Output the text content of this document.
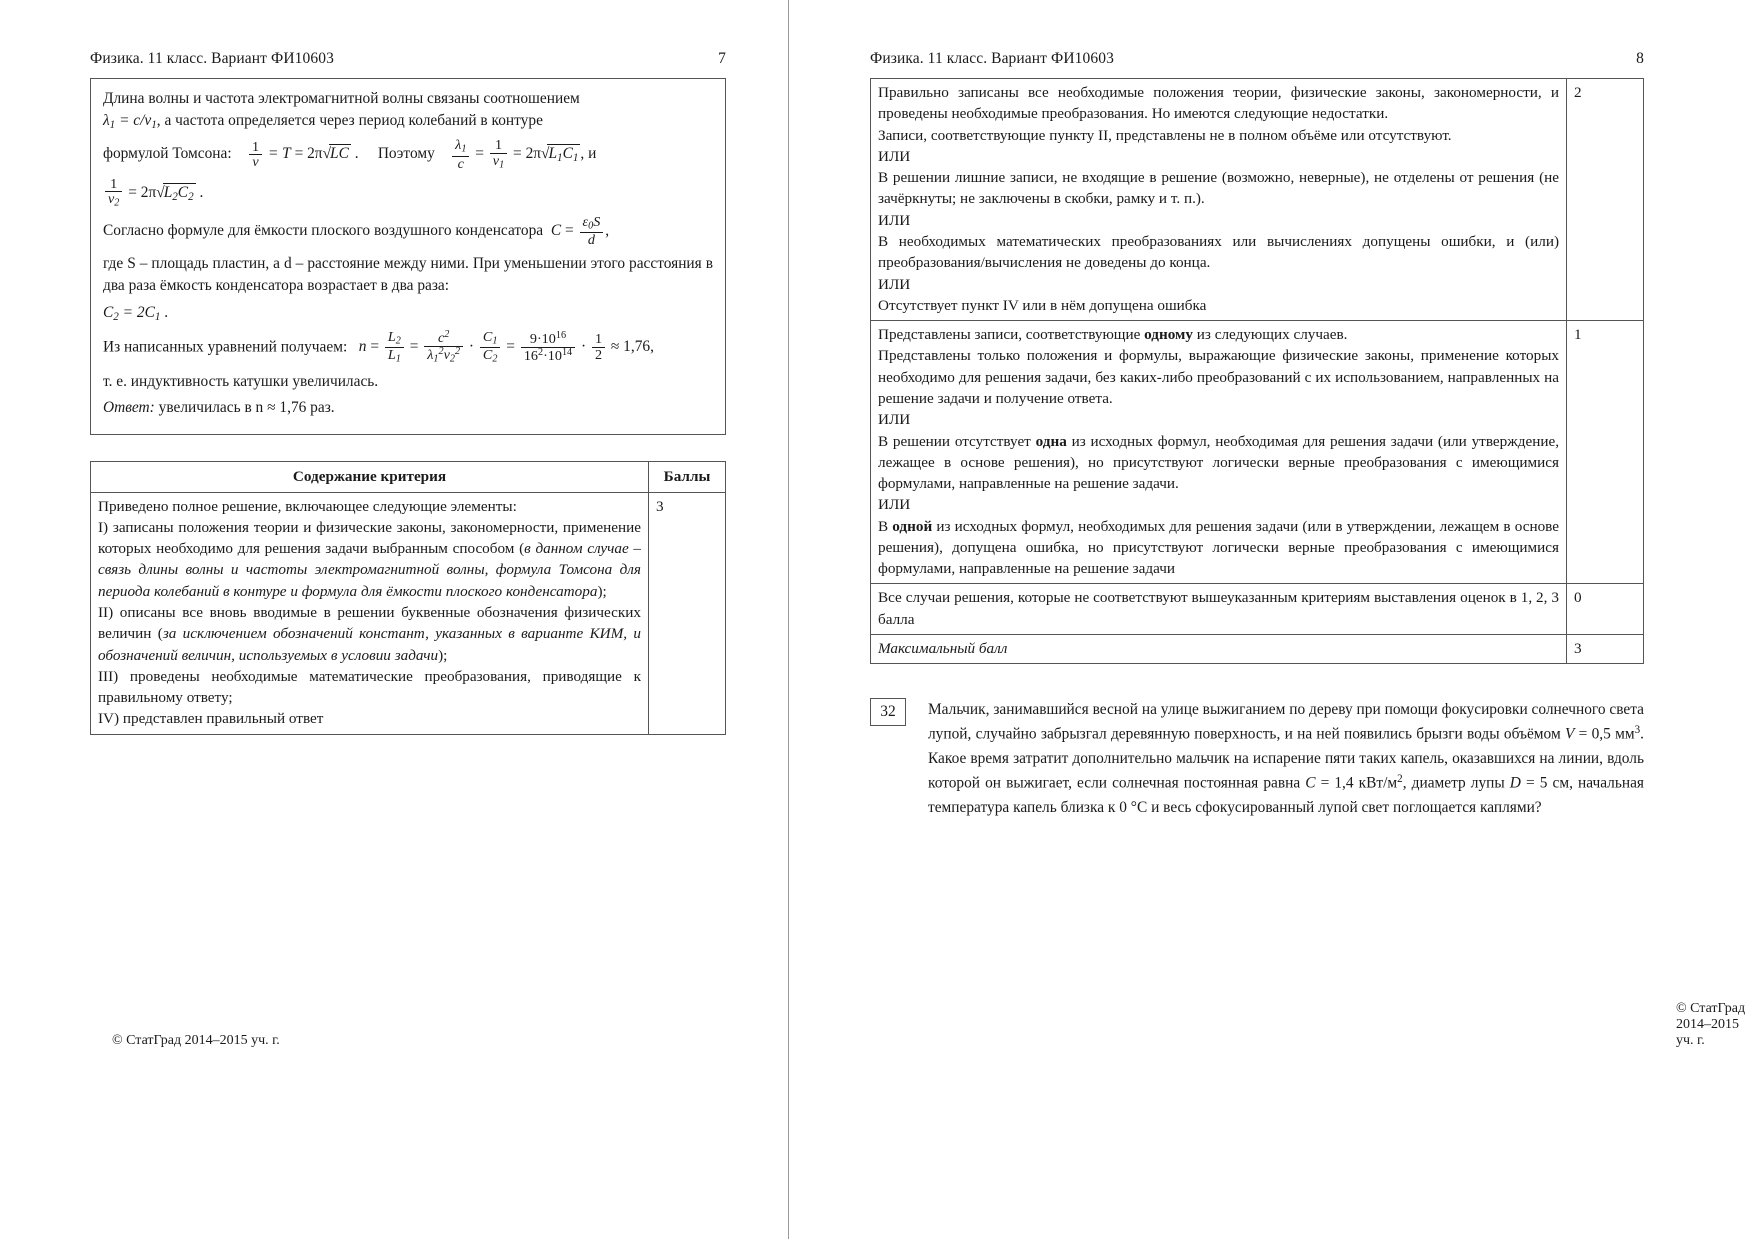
Физика. 11 класс. Вариант ФИ10603	7

Длина волны и частота электромагнитной волны связаны соотношением
$\lambda_1 = c/\nu_1$, а частота определяется через период колебаний в контуре

формулой Томсона: $\frac{1}{\nu} = T = 2\pi√LC$ . Поэтому $\frac{\lambda_1}{c} = \frac{1}{\nu_1} = 2\pi√L_1C_1$ , и

$\frac{1}{\nu_2} = 2\pi√L_2C_2$ .

Согласно формуле для ёмкости плоского воздушного конденсатора  $C = \frac{\varepsilon_0S}{d}$ ,

где S – площадь пластин, а d – расстояние между ними. При уменьшении этого расстояния в два раза ёмкость конденсатора возрастает в два раза:

$C_2 = 2C_1$ .

Из написанных уравнений получаем: $n = \frac{L_2}{L_1} = \frac{c^2}{\lambda_1^2\nu_2^2} \cdot \frac{C_1}{C_2} = \frac{9\cdot 10^{16}}{16^2\cdot 10^{14}} \cdot \frac{1}{2} \approx 1,76$,

т. е. индуктивность катушки увеличилась.

Ответ: увеличилась в n ≈ 1,76 раз.

Содержание критерия	Баллы

Приведено полное решение, включающее следующие элементы:
I) записаны положения теории и физические законы, закономерности, применение которых необходимо для решения задачи выбранным способом (в данном случае – связь длины волны и частоты электромагнитной волны, формула Томсона для периода колебаний в контуре и формула для ёмкости плоского конденсатора);
II) описаны все вновь вводимые в решении буквенные обозначения физических величин (за исключением обозначений констант, указанных в варианте КИМ, и обозначений величин, используемых в условии задачи);
III) проведены необходимые математические преобразования, приводящие к правильному ответу;
IV) представлен правильный ответ	3
© СтатГрад 2014–2015 уч. г.
Физика. 11 класс. Вариант ФИ10603	8
Правильно записаны все необходимые положения теории, физические законы, закономерности, и проведены необходимые преобразования. Но имеются следующие недостатки.
Записи, соответствующие пункту II, представлены не в полном объёме или отсутствуют.
ИЛИ
В решении лишние записи, не входящие в решение (возможно, неверные), не отделены от решения (не зачёркнуты; не заключены в скобки, рамку и т. п.).
ИЛИ
В необходимых математических преобразованиях или вычислениях допущены ошибки, и (или) преобразования/вычисления не доведены до конца.
ИЛИ
Отсутствует пункт IV или в нём допущена ошибка
	2

Представлены записи, соответствующие одному из следующих случаев.
Представлены только положения и формулы, выражающие физические законы, применение которых необходимо для решения задачи, без каких-либо преобразований с их использованием, направленных на решение задачи и получение ответа.
ИЛИ
В решении отсутствует одна из исходных формул, необходимая для решения задачи (или утверждение, лежащее в основе решения), но присутствуют логически верные преобразования с имеющимися формулами, направленные на решение задачи.
ИЛИ
В одной из исходных формул, необходимых для решения задачи (или в утверждении, лежащем в основе решения), допущена ошибка, но присутствуют логически верные преобразования с имеющимися формулами, направленные на решение задачи
	1
Все случаи решения, которые не соответствуют вышеуказанным критериям выставления оценок в 1, 2, 3 балла	0
Максимальный балл	3
32	Мальчик, занимавшийся весной на улице выжиганием по дереву при помощи фокусировки солнечного света лупой, случайно забрызгал деревянную поверхность, и на ней появились брызги воды объёмом V = 0,5 $мм^3$. Какое время затратит дополнительно мальчик на испарение пяти таких капель, оказавшихся на линии, вдоль которой он выжигает, если солнечная постоянная равна C = 1,4 кВт/$м^2$, диаметр лупы D = 5 см, начальная температура капель близка к 0 °C и весь сфокусированный лупой свет поглощается каплями?
© СтатГрад 2014–2015 уч. г.
